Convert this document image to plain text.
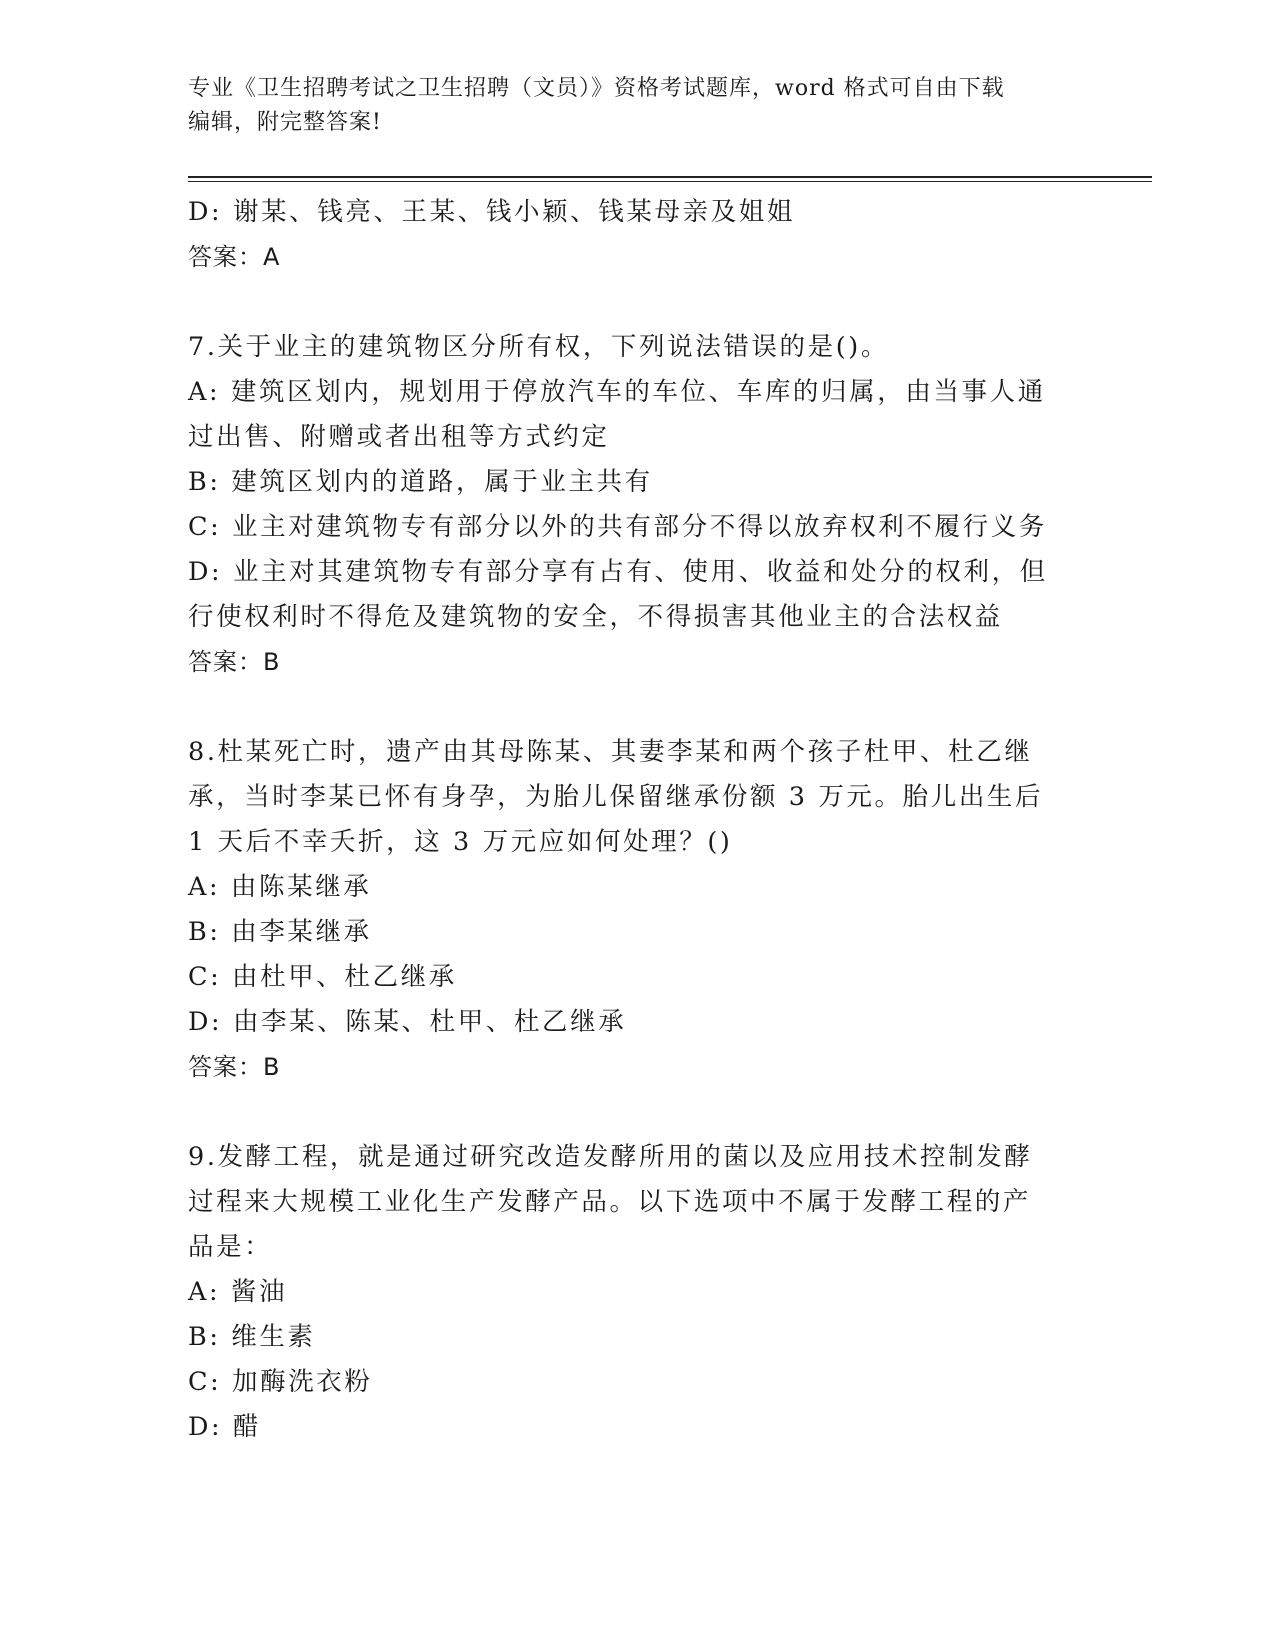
专业《卫生招聘考试之卫生招聘（文员）》资格考试题库，word 格式可自由下载
编辑，附完整答案!
D: 谢某、钱亮、王某、钱小颖、钱某母亲及姐姐
答案：A
7.关于业主的建筑物区分所有权，下列说法错误的是()。
A: 建筑区划内，规划用于停放汽车的车位、车库的归属，由当事人通
过出售、附赠或者出租等方式约定
B: 建筑区划内的道路，属于业主共有
C: 业主对建筑物专有部分以外的共有部分不得以放弃权利不履行义务
D: 业主对其建筑物专有部分享有占有、使用、收益和处分的权利，但
行使权利时不得危及建筑物的安全，不得损害其他业主的合法权益
答案：B
8.杜某死亡时，遗产由其母陈某、其妻李某和两个孩子杜甲、杜乙继
承，当时李某已怀有身孕，为胎儿保留继承份额 3 万元。胎儿出生后
1 天后不幸夭折，这 3 万元应如何处理？()
A: 由陈某继承
B: 由李某继承
C: 由杜甲、杜乙继承
D: 由李某、陈某、杜甲、杜乙继承
答案：B
9.发酵工程，就是通过研究改造发酵所用的菌以及应用技术控制发酵
过程来大规模工业化生产发酵产品。以下选项中不属于发酵工程的产
品是：
A: 酱油
B: 维生素
C: 加酶洗衣粉
D: 醋
